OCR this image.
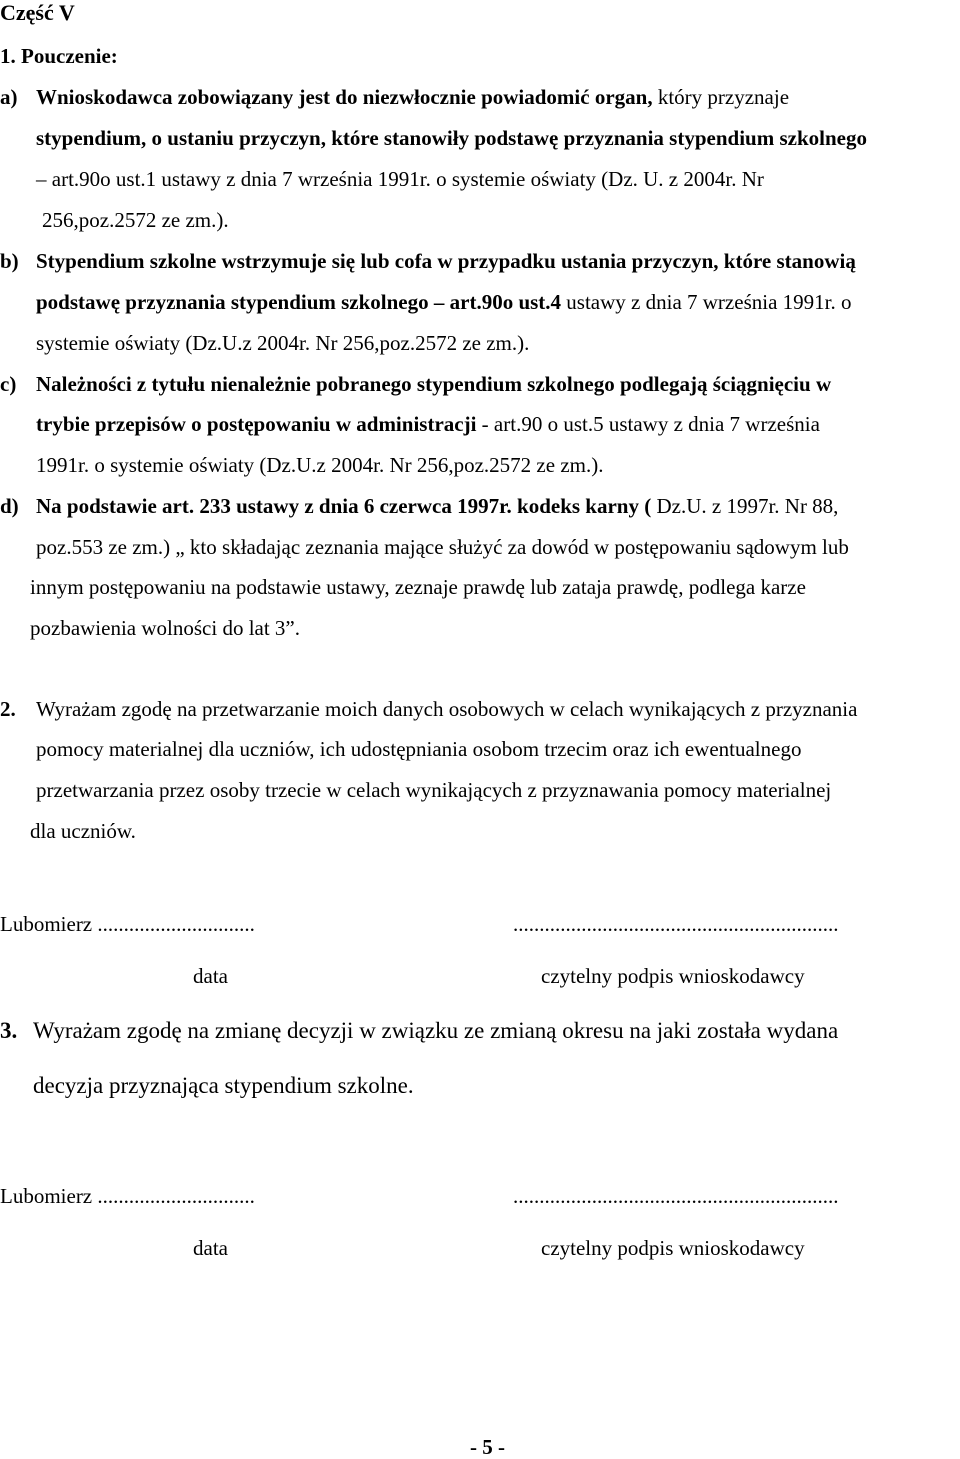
Część V
1. Pouczenie:
a) Wnioskodawca zobowiązany jest do niezwłocznie powiadomić organ, który przyznaje
stypendium, o ustaniu przyczyn, które stanowiły podstawę przyznania stypendium szkolnego
– art.90o ust.1 ustawy z dnia 7 września 1991r. o systemie oświaty (Dz. U. z 2004r. Nr
256,poz.2572 ze zm.).
b) Stypendium szkolne wstrzymuje się lub cofa w przypadku ustania przyczyn, które stanowią
podstawę przyznania stypendium szkolnego – art.90o ust.4 ustawy z dnia 7 września 1991r. o
systemie oświaty (Dz.U.z 2004r. Nr 256,poz.2572 ze zm.).
c) Należności z tytułu nienależnie pobranego stypendium szkolnego podlegają ściągnięciu w
trybie przepisów o postępowaniu w administracji - art.90 o ust.5 ustawy z dnia 7 września
1991r. o systemie oświaty (Dz.U.z 2004r. Nr 256,poz.2572 ze zm.).
d) Na podstawie art. 233 ustawy z dnia 6 czerwca 1997r. kodeks karny ( Dz.U. z 1997r. Nr 88,
poz.553 ze zm.) „ kto składając zeznania mające służyć za dowód w postępowaniu sądowym lub
innym postępowaniu na podstawie ustawy, zeznaje prawdę lub zataja prawdę, podlega karze
pozbawienia wolności do lat 3”.
2. Wyrażam zgodę na przetwarzanie moich danych osobowych w celach wynikających z przyznania
pomocy materialnej dla uczniów, ich udostępniania osobom trzecim oraz ich ewentualnego
przetwarzania przez osoby trzecie w celach wynikających z przyznawania pomocy materialnej
dla uczniów.
Lubomierz ..............................	..............................................................
data	czytelny podpis wnioskodawcy
3. Wyrażam zgodę na zmianę decyzji w związku ze zmianą okresu na jaki została wydana
decyzja przyznająca stypendium szkolne.
Lubomierz ..............................	..............................................................
data	czytelny podpis wnioskodawcy
- 5 -
